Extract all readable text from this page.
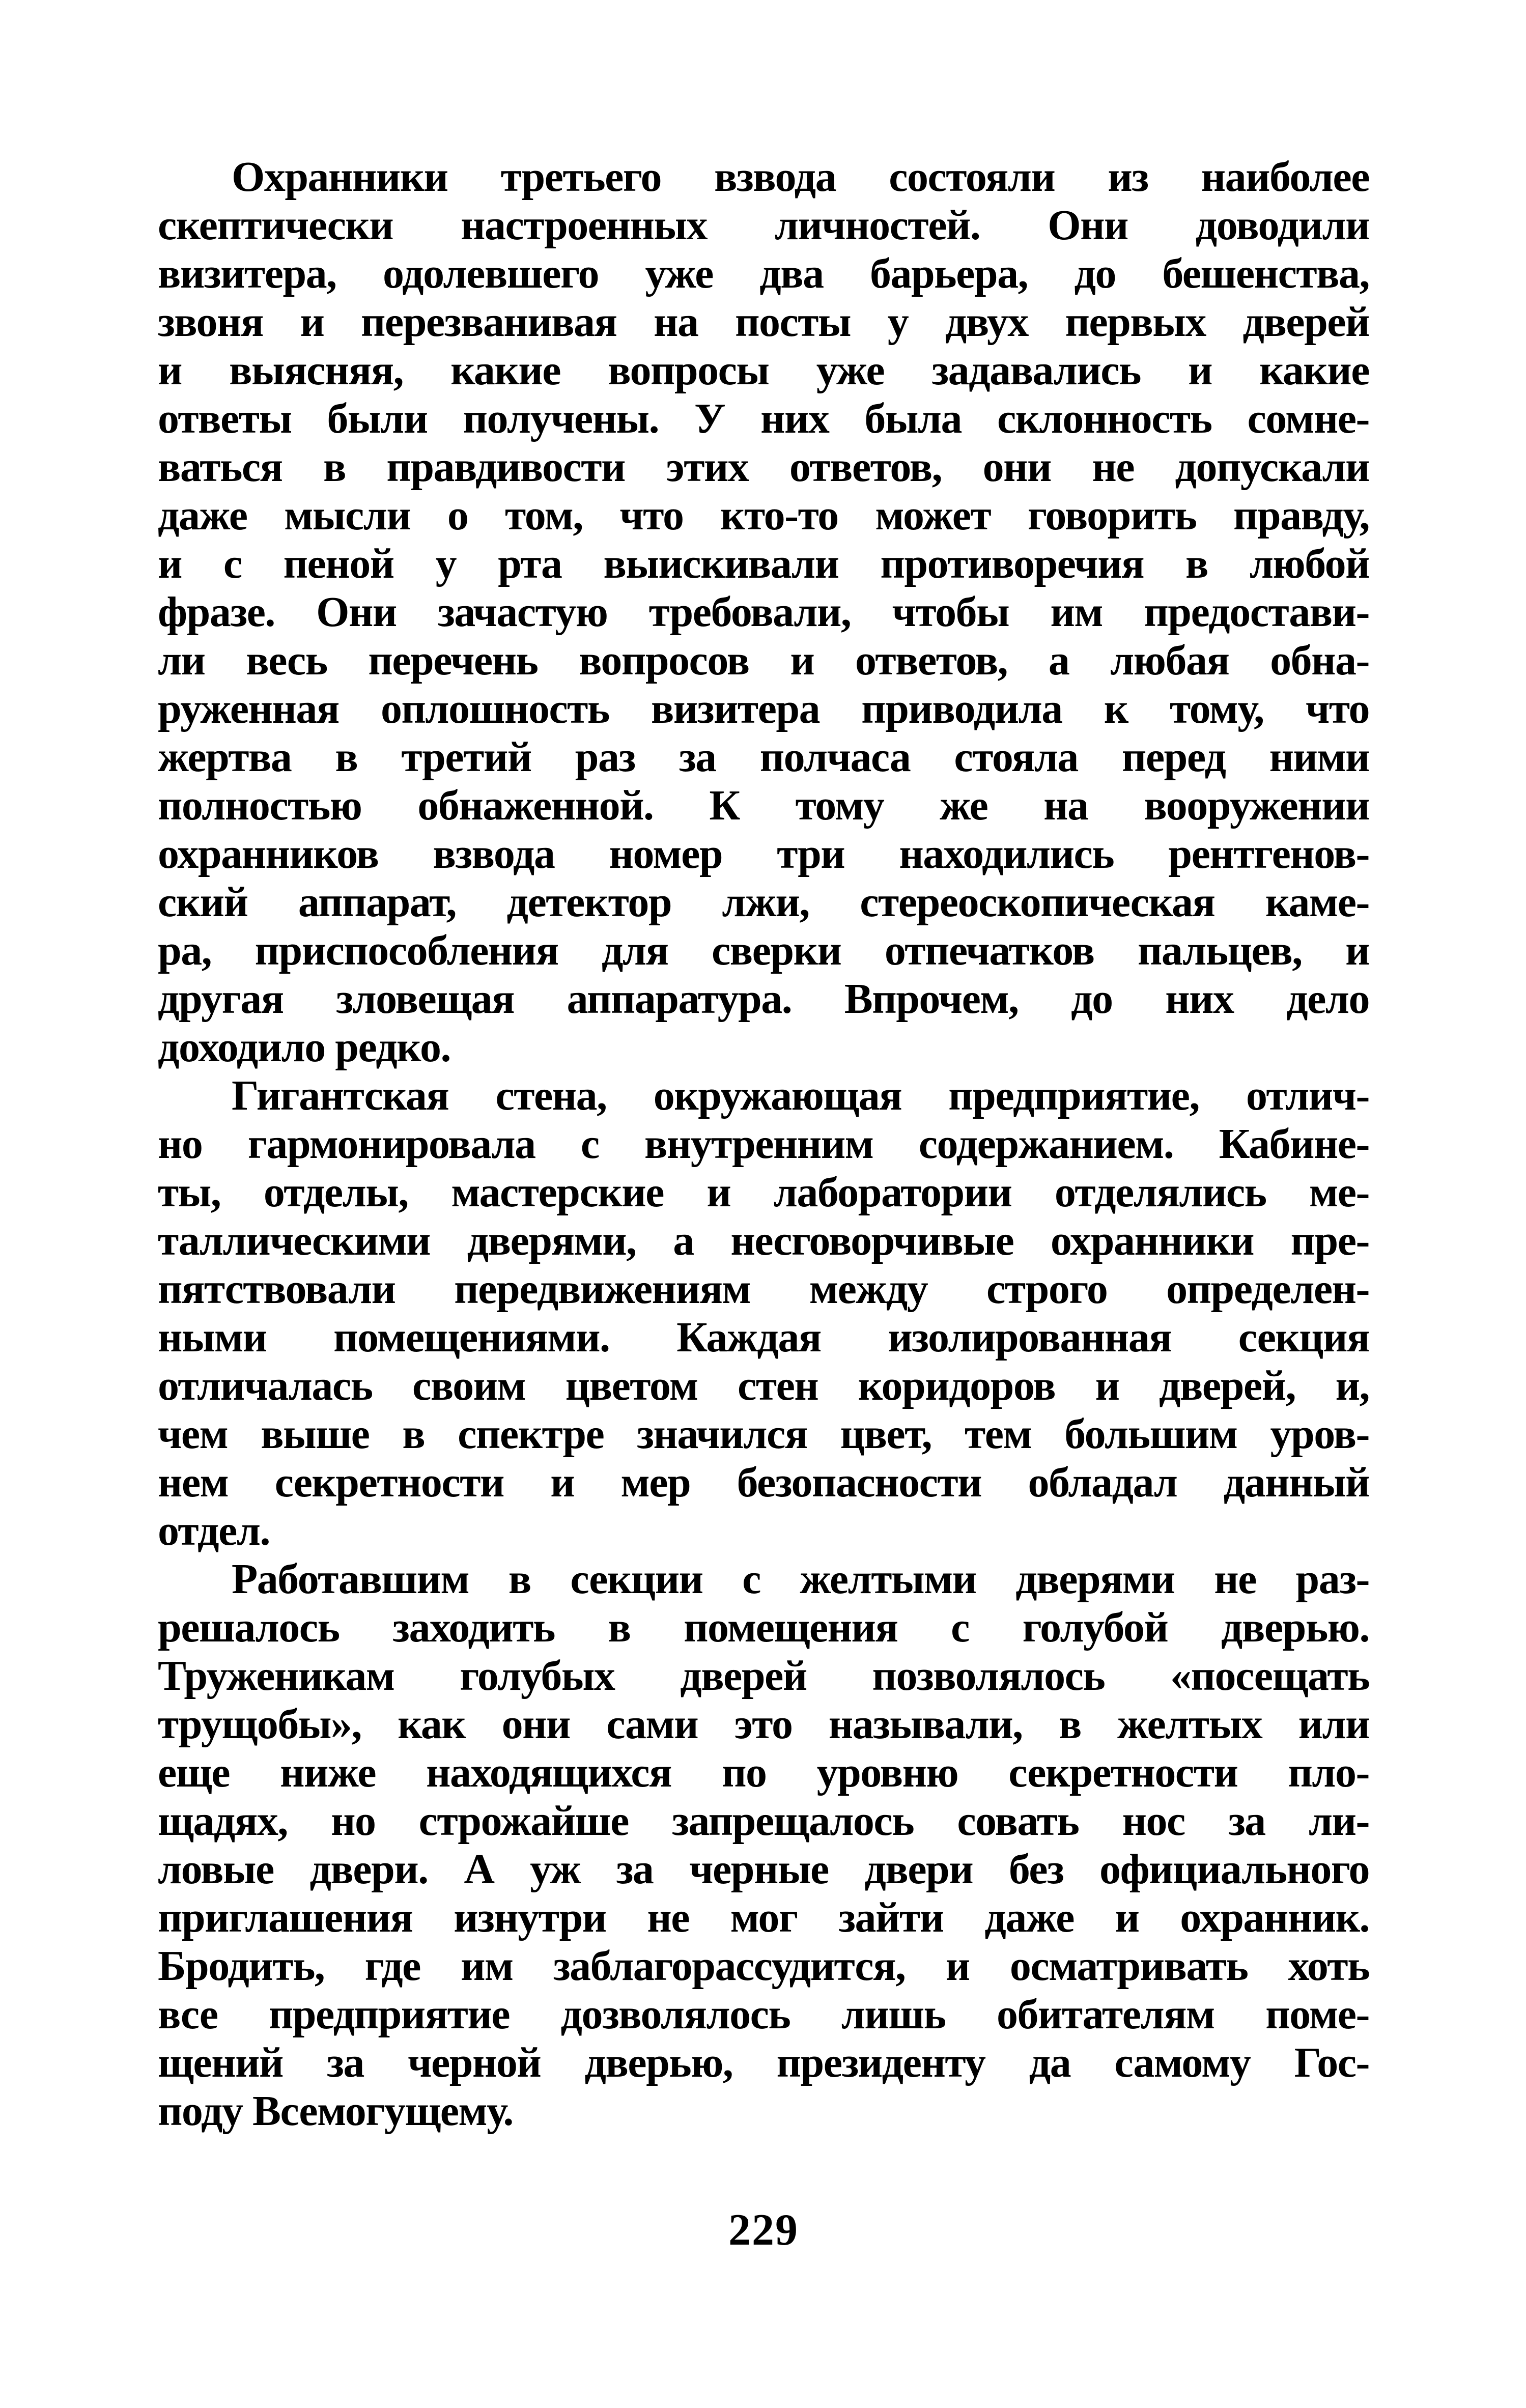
Охранники третьего взвода состояли из наиболее
скептически настроенных личностей. Они доводили
визитера, одолевшего уже два барьера, до бешенства,
звоня и перезванивая на посты у двух первых дверей
и выясняя, какие вопросы уже задавались и какие
ответы были получены. У них была склонность сомне-
ваться в правдивости этих ответов, они не допускали
даже мысли о том, что кто-то может говорить правду,
и с пеной у рта выискивали противоречия в любой
фразе. Они зачастую требовали, чтобы им предостави-
ли весь перечень вопросов и ответов, а любая обна-
руженная оплошность визитера приводила к тому, что
жертва в третий раз за полчаса стояла перед ними
полностью обнаженной. К тому же на вооружении
охранников взвода номер три находились рентгенов-
ский аппарат, детектор лжи, стереоскопическая каме-
ра, приспособления для сверки отпечатков пальцев, и
другая зловещая аппаратура. Впрочем, до них дело
доходило редко.

Гигантская стена, окружающая предприятие, отлич-
но гармонировала с внутренним содержанием. Кабине-
ты, отделы, мастерские и лаборатории отделялись ме-
таллическими дверями, а несговорчивые охранники пре-
пятствовали передвижениям между строго определен-
ными помещениями. Каждая изолированная секция
отличалась своим цветом стен коридоров и дверей, и,
чем выше в спектре значился цвет, тем большим уров-
нем секретности и мер безопасности обладал данный
отдел.

Работавшим в секции с желтыми дверями не раз-
решалось заходить в помещения с голубой дверью.
Труженикам голубых дверей позволялось «посещать
трущобы», как они сами это называли, в желтых или
еще ниже находящихся по уровню секретности пло-
щадях, но строжайше запрещалось совать нос за ли-
ловые двери. А уж за черные двери без официального
приглашения изнутри не мог зайти даже и охранник.
Бродить, где им заблагорассудится, и осматривать хоть
все предприятие дозволялось лишь обитателям поме-
щений за черной дверью, президенту да самому Гос-
поду Всемогущему.

229
